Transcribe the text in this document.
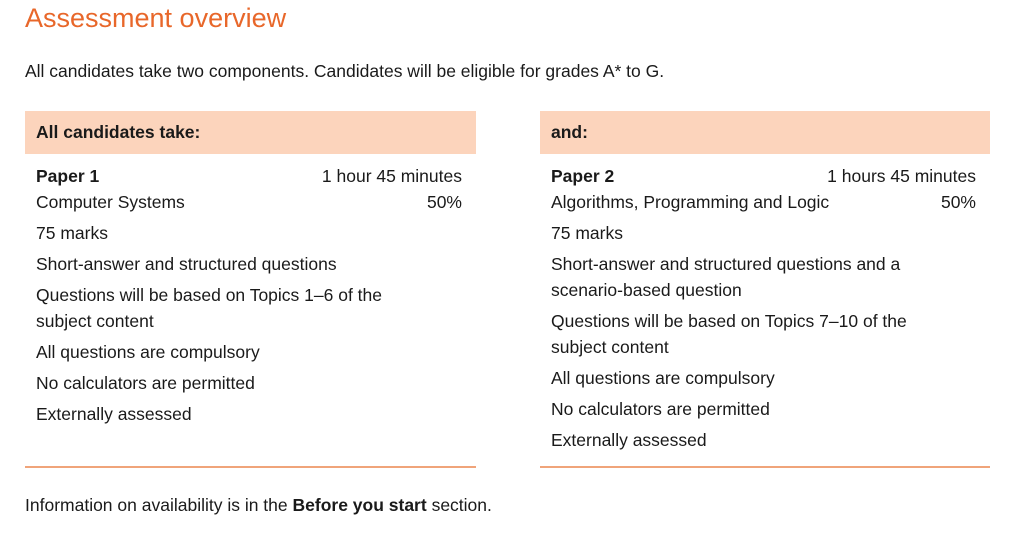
Assessment overview
All candidates take two components. Candidates will be eligible for grades A* to G.
All candidates take:
Paper 1	1 hour 45 minutes
Computer Systems	50%
75 marks
Short-answer and structured questions
Questions will be based on Topics 1–6 of the subject content
All questions are compulsory
No calculators are permitted
Externally assessed
and:
Paper 2	1 hours 45 minutes
Algorithms, Programming and Logic	50%
75 marks
Short-answer and structured questions and a scenario-based question
Questions will be based on Topics 7–10 of the subject content
All questions are compulsory
No calculators are permitted
Externally assessed
Information on availability is in the Before you start section.
